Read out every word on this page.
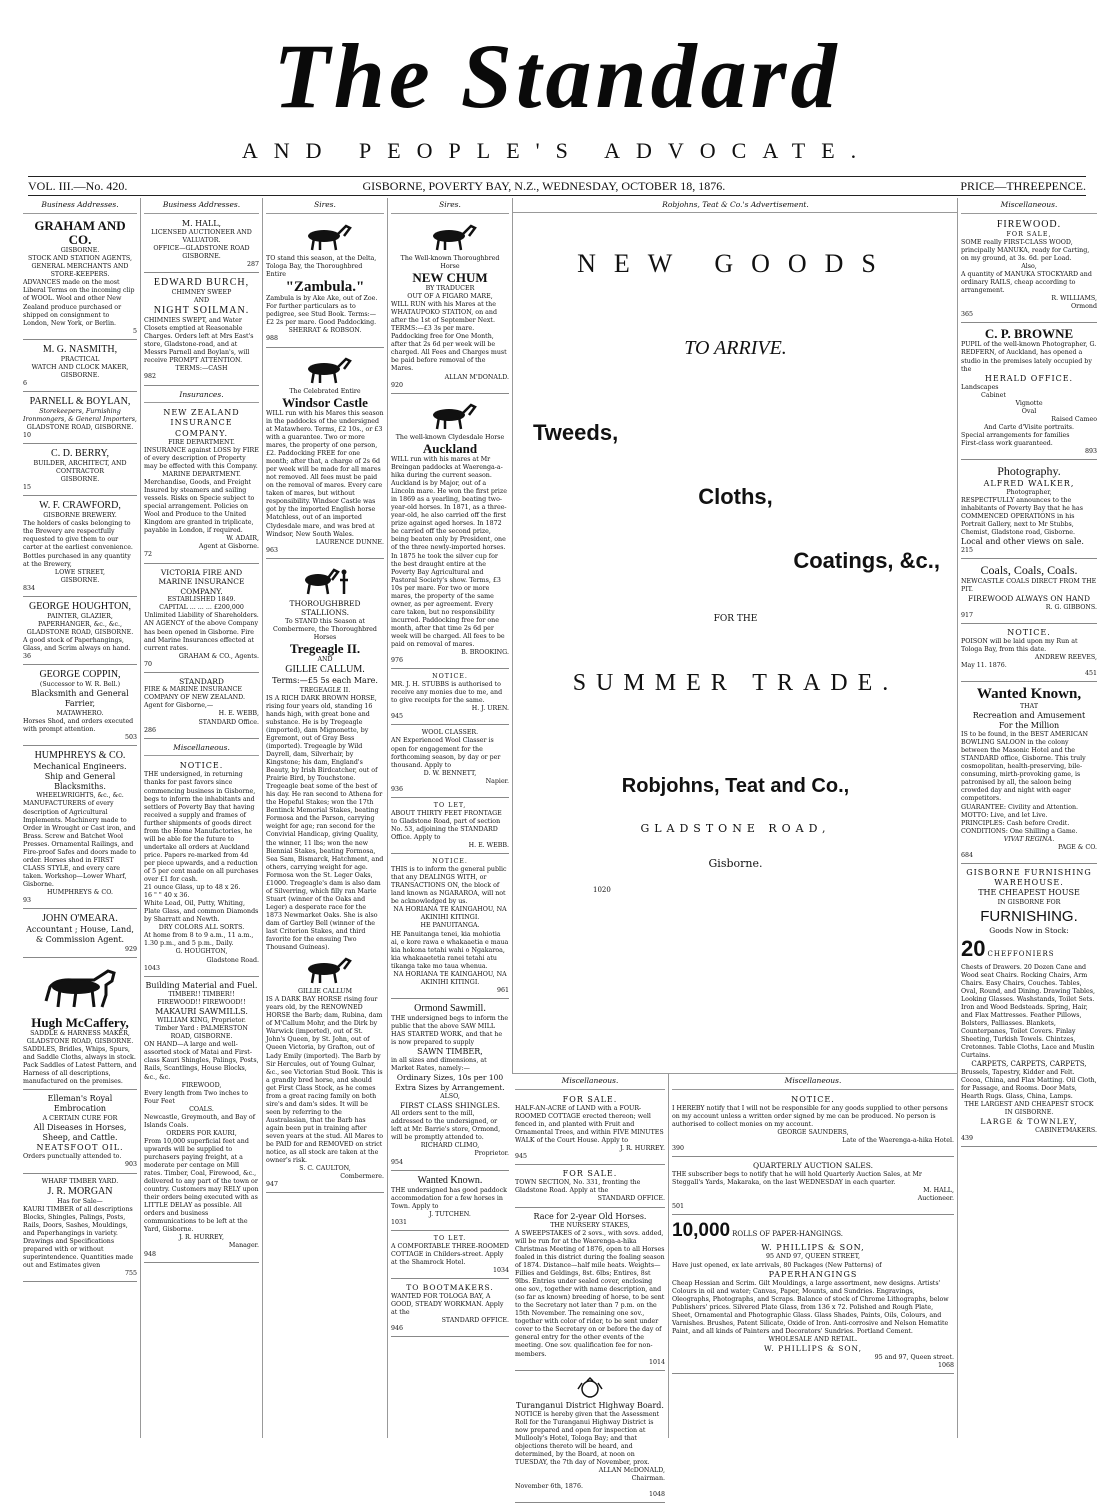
The Standard
AND PEOPLE'S ADVOCATE.
VOL. III.—No. 420.	GISBORNE, POVERTY BAY, N.Z., WEDNESDAY, OCTOBER 18, 1876.	PRICE—THREEPENCE.
Business Addresses.
GRAHAM AND CO.
GISBORNE.
STOCK AND STATION AGENTS,
GENERAL MERCHANTS AND STORE-KEEPERS.
ADVANCES made on the most Liberal Terms on the incoming clip of WOOL. Wool and other New Zealand produce purchased or shipped on consignment to London, New York, or Berlin.
5
M. G. NASMITH,
PRACTICAL
WATCH AND CLOCK MAKER,
GISBORNE.
6
PARNELL & BOYLAN,
Storekeepers, Furnishing Ironmongers, & General Importers,
GLADSTONE ROAD, GISBORNE.
10
C. D. BERRY,
BUILDER, ARCHITECT, AND CONTRACTOR
GISBORNE.
15
W. F. CRAWFORD,
GISBORNE BREWERY.
The holders of casks belonging to the Brewery are respectfully requested to give them to our carter at the earliest convenience. Bottles purchased in any quantity at the Brewery,
LOWE STREET,
GISBORNE.
834
GEORGE HOUGHTON,
PAINTER, GLAZIER, PAPERHANGER, &c., &c.,
GLADSTONE ROAD, GISBORNE.
A good stock of Paperhangings, Glass, and Scrim always on hand.
36
GEORGE COPPIN,
(Successor to W. R. Bell.)
Blacksmith and General Farrier,
MATAWHERO.
Horses Shod, and orders executed with prompt attention.
503
HUMPHREYS & CO.
Mechanical Engineers.
Ship and General Blacksmiths.
WHEELWRIGHTS, &c., &c.
MANUFACTURERS of every description of Agricultural Implements. Machinery made to Order in Wrought or Cast iron, and Brass. Screw and Batchet Wool Presses. Ornamental Railings, and Fire-proof Safes and doors made to order. Horses shod in FIRST CLASS STYLE, and every care taken. Workshop—Lower Wharf, Gisborne.
HUMPHREYS & CO.
93
JOHN O'MEARA.
Accountant ; House, Land, & Commission Agent.
929
Hugh McCaffery,
SADDLE & HARNESS MAKER,
GLADSTONE ROAD, GISBORNE.
SADDLES, Bridles, Whips, Spurs, and Saddle Cloths, always in stock. Pack Saddles of Latest Pattern, and Harness of all descriptions, manufactured on the premises.
Elleman's Royal Embrocation
A CERTAIN CURE FOR
All Diseases in Horses, Sheep, and Cattle.
NEATSFOOT OIL.
Orders punctually attended to.
903
WHARF TIMBER YARD.
J. R. MORGAN
Has for Sale—
KAURI TIMBER of all descriptions Blocks, Shingles, Palings, Posts, Rails, Doors, Sashes, Mouldings, and Paperhangings in variety. Drawings and Specifications prepared with or without superintendence. Quantities made out and Estimates given
755
Business Addresses.
M. HALL,
LICENSED AUCTIONEER AND VALUATOR.
OFFICE—GLADSTONE ROAD GISBORNE.
287
EDWARD BURCH,
CHIMNEY SWEEP
AND
NIGHT SOILMAN.
CHIMNIES SWEPT, and Water Closets emptied at Reasonable Charges. Orders left at Mrs East's store, Gladstone-road, and at Messrs Parnell and Boylan's, will receive PROMPT ATTENTION.
TERMS:—CASH
982
Insurances.
NEW ZEALAND INSURANCE COMPANY.
FIRE DEPARTMENT.
INSURANCE against LOSS by FIRE of every description of Property may be effected with this Company.
MARINE DEPARTMENT.
Merchandise, Goods, and Freight Insured by steamers and sailing vessels. Risks on Specie subject to special arrangement. Policies on Wool and Produce to the United Kingdom are granted in triplicate, payable in London, if required.
W. ADAIR,
Agent at Gisborne.
72
VICTORIA FIRE AND MARINE INSURANCE COMPANY.
ESTABLISHED 1849.
CAPITAL ... ... ... £200,000
Unlimited Liability of Shareholders.
AN AGENCY of the above Company has been opened in Gisborne. Fire and Marine Insurances effected at current rates.
GRAHAM & CO., Agents.
70
STANDARD
FIRE & MARINE INSURANCE COMPANY OF NEW ZEALAND.
Agent for Gisborne,—
H. E. WEBB,
STANDARD Office.
286
Miscellaneous.
NOTICE.
THE undersigned, in returning thanks for past favors since commencing business in Gisborne, begs to inform the inhabitants and settlers of Poverty Bay that having received a supply and frames of further shipments of goods direct from the Home Manufactories, he will be able for the future to undertake all orders at Auckland price. Papers re-marked from 4d per piece upwards, and a reduction of 5 per cent made on all purchases over £1 for cash.
21 ounce Glass, up to 48 x 26.
16 " " 40 x 36.
White Lead, Oil, Putty, Whiting, Plate Glass, and common Diamonds by Sharratt and Newth.
DRY COLORS ALL SORTS.
At home from 8 to 9 a.m., 11 a.m., 1.30 p.m., and 5 p.m., Daily.
G. HOUGHTON,
Gladstone Road.
1043
Building Material and Fuel.
TIMBER!! TIMBER!!
FIREWOOD!! FIREWOOD!!
MAKAURI SAWMILLS.
WILLIAM KING, Proprietor.
Timber Yard : PALMERSTON ROAD, GISBORNE.
ON HAND—A large and well-assorted stock of Matai and First-class Kauri Shingles, Palings, Posts, Rails, Scantlings, House Blocks, &c., &c.
FIREWOOD,
Every length from Two inches to Four Feet
COALS.
Newcastle, Greymouth, and Bay of Islands Coals.
ORDERS FOR KAURI,
From 10,000 superficial feet and upwards will be supplied to purchasers paying freight, at a moderate per centage on Mill rates. Timber, Coal, Firewood, &c., delivered to any part of the town or country. Customers may RELY upon their orders being executed with as LITTLE DELAY as possible. All orders and business communications to be left at the Yard, Gisborne.
J. R. HURREY,
Manager.
948
Sires.
TO stand this season, at the Delta, Tologa Bay, the Thoroughbred Entire
"Zambula."
Zambula is by Ake Ake, out of Zoe. For further particulars as to pedigree, see Stud Book. Terms:—£2 2s per mare. Good Paddocking.
SHERRAT & ROBSON.
988
The Celebrated Entire
Windsor Castle
WILL run with his Mares this season in the paddocks of the undersigned at Matawhero. Terms, £2 10s., or £3 with a guarantee. Two or more mares, the property of one person, £2. Paddocking FREE for one month; after that, a charge of 2s 6d per week will be made for all mares not removed. All fees must be paid on the removal of mares. Every care taken of mares, but without responsibility. Windsor Castle was got by the imported English horse Matchless, out of an imported Clydesdale mare, and was bred at Windsor, New South Wales.
LAURENCE DUNNE.
963
THOROUGHBRED STALLIONS.
To STAND this Season at Combermere, the Thoroughbred Horses
Tregeagle II.
AND
GILLIE CALLUM.
Terms:—£5 5s each Mare.
TREGEAGLE II.
IS A RICH DARK BROWN HORSE, rising four years old, standing 16 hands high, with great bone and substance. He is by Tregeagle (imported), dam Mignonette, by Egremont, out of Gray Bess (imported). Tregeagle by Wild Dayrell, dam, Silverhair, by Kingstone; his dam, England's Beauty, by Irish Birdcatcher, out of Prairie Bird, by Touchstone. Tregeagle beat some of the best of his day. He ran second to Athena for the Hopeful Stakes; won the 17th Bentinck Memorial Stakes, beating Formosa and the Parson, carrying weight for age; ran second for the Convivial Handicap, giving Quality, the winner, 11 lbs; won the new Biennial Stakes, beating Formosa, Sea Sam, Bismarck, Hatchment, and others, carrying weight for age. Formosa won the St. Leger Oaks, £1000. Tregeagle's dam is also dam of Silverring, which filly ran Marie Stuart (winner of the Oaks and Leger) a desperate race for the 1873 Newmarket Oaks. She is also dam of Gartley Bell (winner of the last Criterion Stakes, and third favorite for the ensuing Two Thousand Guineas).
GILLIE CALLUM
IS A DARK BAY HORSE rising four years old, by the RENOWNED HORSE the Barb; dam, Rubina, dam of M'Callum Mohr, and the Dirk by Warwick (imported), out of St. John's Queen, by St. John, out of Queen Victoria, by Grafton, out of Lady Emily (imported). The Barb by Sir Hercules, out of Young Gulnar, &c., see Victorian Stud Book. This is a grandly bred horse, and should get First Class Stock, as he comes from a great racing family on both sire's and dam's sides. It will be seen by referring to the Australasian, that the Barb has again been put in training after seven years at the stud. All Mares to be PAID for and REMOVED on strict notice, as all stock are taken at the owner's risk.
S. C. CAULTON,
Combermere.
947
Sires.
The Well-known Thoroughbred Horse
NEW CHUM
BY TRADUCER
OUT OF A FIGARO MARE,
WILL RUN with his Mares at the WHATAUPOKO STATION, on and after the 1st of September Next. TERMS:—£3 3s per mare. Paddocking free for One Month, after that 2s 6d per week will be charged. All Fees and Charges must be paid before removal of the Mares.
ALLAN M'DONALD.
920
The well-known Clydesdale Horse
Auckland
WILL run with his mares at Mr Breingan paddocks at Waerenga-a-hika during the current season. Auckland is by Major, out of a Lincoln mare. He won the first prize in 1869 as a yearling, beating two-year-old horses. In 1871, as a three-year-old, he also carried off the first prize against aged horses. In 1872 he carried off the second prize, being beaten only by President, one of the three newly-imported horses. In 1875 he took the silver cup for the best draught entire at the Poverty Bay Agricultural and Pastoral Society's show. Terms, £3 10s per mare. For two or more mares, the property of the same owner, as per agreement. Every care taken, but no responsibility incurred. Paddocking free for one month, after that time 2s 6d per week will be charged. All fees to be paid on removal of mares.
B. BROOKING.
976
NOTICE.
MR. J. H. STUBBS is authorised to receive any monies due to me, and to give receipts for the same.
H. J. UREN.
945
WOOL CLASSER.
AN Experienced Wool Classer is open for engagement for the forthcoming season, by day or per thousand. Apply to
D. W. BENNETT,
Napier.
936
TO LET,
ABOUT THIRTY FEET FRONTAGE to Gladstone Road, part of section No. 53, adjoining the STANDARD Office. Apply to
H. E. WEBB.
NOTICE.
THIS is to inform the general public that any DEALINGS WITH, or TRANSACTIONS ON, the block of land known as NGARAROA, will not be acknowledged by us.
NA HORIANA TE KAINGAHOU, NA AKINIHI KITINGI.
HE PANUITANGA.
HE Panuitanga tenei, kia mohiotia ai, e kore rawa e whakaaetia e maua kia hokona tetahi wahi o Ngakaroa, kia whakaaetetia ranei tetahi atu tikanga take mo taua whenua.
NA HORIANA TE KAINGAHOU, NA AKINIHI KITINGI.
961
Ormond Sawmill.
THE undersigned begs to inform the public that the above SAW MILL HAS STARTED WORK, and that he is now prepared to supply
SAWN TIMBER,
in all sizes and dimensions, at Market Rates, namely:—
Ordinary Sizes, 10s per 100
Extra Sizes by Arrangement.
ALSO,
FIRST CLASS SHINGLES.
All orders sent to the mill, addressed to the undersigned, or left at Mr. Barrie's store, Ormond, will be promptly attended to.
RICHARD CLIMO,
Proprietor.
954
Wanted Known.
THE undersigned has good paddock accommodation for a few horses in Town. Apply to
J. TUTCHEN.
1031
TO LET.
A COMFORTABLE THREE-ROOMED COTTAGE in Childers-street. Apply at the Shamrock Hotel.
1034
TO BOOTMAKERS.
WANTED FOR TOLOGA BAY, A GOOD, STEADY WORKMAN. Apply at the
STANDARD OFFICE.
946
Robjohns, Teat & Co.'s Advertisement.
NEW GOODS
TO ARRIVE.
Tweeds,
Cloths,
Coatings, &c.,
FOR THE
SUMMER TRADE.
Robjohns, Teat and Co.,
GLADSTONE ROAD,
Gisborne.
1020
Miscellaneous.
FOR SALE.
HALF-AN-ACRE of LAND with a FOUR-ROOMED COTTAGE erected thereon; well fenced in, and planted with Fruit and Ornamental Trees, and within FIVE MINUTES WALK of the Court House. Apply to
J. R. HURREY.
945
FOR SALE.
TOWN SECTION, No. 331, fronting the Gladstone Road. Apply at the
STANDARD OFFICE.
Race for 2-year Old Horses.
THE NURSERY STAKES,
A SWEEPSTAKES of 2 sovs., with sovs. added, will be run for at the Waerenga-a-hika Christmas Meeting of 1876, open to all Horses foaled in this district during the foaling season of 1874. Distance—half mile heats. Weights—Fillies and Geldings, 8st. 6lbs; Entires, 8st 9lbs. Entries under sealed cover, enclosing one sov., together with name description, and (so far as known) breeding of horse, to be sent to the Secretary not later than 7 p.m. on the 15th November. The remaining one sov., together with color of rider, to be sent under cover to the Secretary on or before the day of general entry for the other events of the meeting. One sov. qualification fee for non-members.
1014
Turanganui District Highway Board.
NOTICE is hereby given that the Assessment Roll for the Turanganui Highway District is now prepared and open for inspection at Mullooly's Hotel, Tologa Bay; and that objections thereto will be heard, and determined, by the Board, at noon on TUESDAY, the 7th day of November, prox.
ALLAN McDONALD,
Chairman.
November 6th, 1876.
1048
Miscellaneous.
NOTICE.
I HEREBY notify that I will not be responsible for any goods supplied to other persons on my account unless a written order signed by me can be produced. No person is authorised to collect monies on my account.
GEORGE SAUNDERS,
Late of the Waerenga-a-hika Hotel.
390
QUARTERLY AUCTION SALES.
THE subscriber begs to notify that he will hold Quarterly Auction Sales, at Mr Steggall's Yards, Makaraka, on the last WEDNESDAY in each quarter.
M. HALL,
Auctioneer.
501
10,000 ROLLS OF PAPER-HANGINGS.
W. PHILLIPS & SON,
95 AND 97, QUEEN STREET,
Have just opened, ex late arrivals, 80 Packages (New Patterns) of
PAPERHANGINGS
Cheap Hessian and Scrim. Gilt Mouldings, a large assortment, new designs. Artists' Colours in oil and water; Canvas, Paper, Mounts, and Sundries. Engravings, Oleographs, Photographs, and Scraps. Balance of stock of Chrome Lithographs, below Publishers' prices. Silvered Plate Glass, from 136 x 72. Polished and Rough Plate, Sheet, Ornamental and Photographic Glass. Glass Shades, Paints, Oils, Colours, and Varnishes. Brushes, Patent Silicate, Oxide of Iron. Anti-corrosive and Nelson Hematite Paint, and all kinds of Painters and Decorators' Sundries. Portland Cement.
WHOLESALE AND RETAIL.
W. PHILLIPS & SON,
95 and 97, Queen street.
1068
Miscellaneous.
FIREWOOD.
FOR SALE,
SOME really FIRST-CLASS WOOD, principally MANUKA, ready for Carting, on my ground, at 3s. 6d. per Load.
Also,
A quantity of MANUKA STOCKYARD and ordinary RAILS, cheap according to arrangement.
R. WILLIAMS,
Ormond
365
C. P. BROWNE
PUPIL of the well-known Photographer, G. REDFERN, of Auckland, has opened a studio in the premises lately occupied by the
HERALD OFFICE.
Landscapes
Cabinet
Vignotte
Oval
Raised Cameo
And Carte d'Visite portraits.
Special arrangements for families
First-class work guaranteed.
893
Photography.
ALFRED WALKER,
Photographer,
RESPECTFULLY announces to the inhabitants of Poverty Bay that he has COMMENCED OPERATIONS in his Portrait Gallery, next to Mr Stubbs, Chemist, Gladstone road, Gisborne.
Local and other views on sale.
215
Coals, Coals, Coals.
NEWCASTLE COALS DIRECT FROM THE PIT.
FIREWOOD ALWAYS ON HAND
R. G. GIBBONS.
917
NOTICE.
POISON will be laid upon my Run at Tologa Bay, from this date.
ANDREW REEVES,
May 11. 1876.
451
Wanted Known,
THAT
Recreation and Amusement
For the Million
IS to be found, in the BEST AMERICAN BOWLING SALOON in the colony between the Masonic Hotel and the STANDARD office, Gisborne. This truly cosmopolitan, health-preserving, bile-consuming, mirth-provoking game, is patronised by all, the saloon being crowded day and night with eager competitors.
GUARANTEE: Civility and Attention.
MOTTO: Live, and let Live.
PRINCIPLES: Cash before Credit.
CONDITIONS: One Shilling a Game.
VIVAT REGINA.
PAGE & CO.
684
GISBORNE FURNISHING WAREHOUSE.
THE CHEAPEST HOUSE
IN GISBORNE FOR
FURNISHING.
Goods Now in Stock:
20 CHEFFONIERS
Chests of Drawers. 20 Dozen Cane and Wood seat Chairs. Rocking Chairs, Arm Chairs. Easy Chairs, Couches. Tables, Oval, Round, and Dining. Drawing Tables, Looking Glasses. Washstands, Toilet Sets. Iron and Wood Bedsteads. Spring, Hair, and Flax Mattresses. Feather Pillows, Bolsters, Palliasses. Blankets, Counterpanes, Toilet Covers. Finlay Sheeting, Turkish Towels. Chintzes, Cretonnes. Table Cloths, Lace and Muslin Curtains.
CARPETS, CARPETS, CARPETS,
Brussels, Tapestry, Kidder and Felt. Cocoa, China, and Flax Matting. Oil Cloth, for Passage, and Rooms. Door Mats, Hearth Rugs. Glass, China, Lamps.
THE LARGEST AND CHEAPEST STOCK IN GISBORNE.
LARGE & TOWNLEY,
CABINETMAKERS.
439
